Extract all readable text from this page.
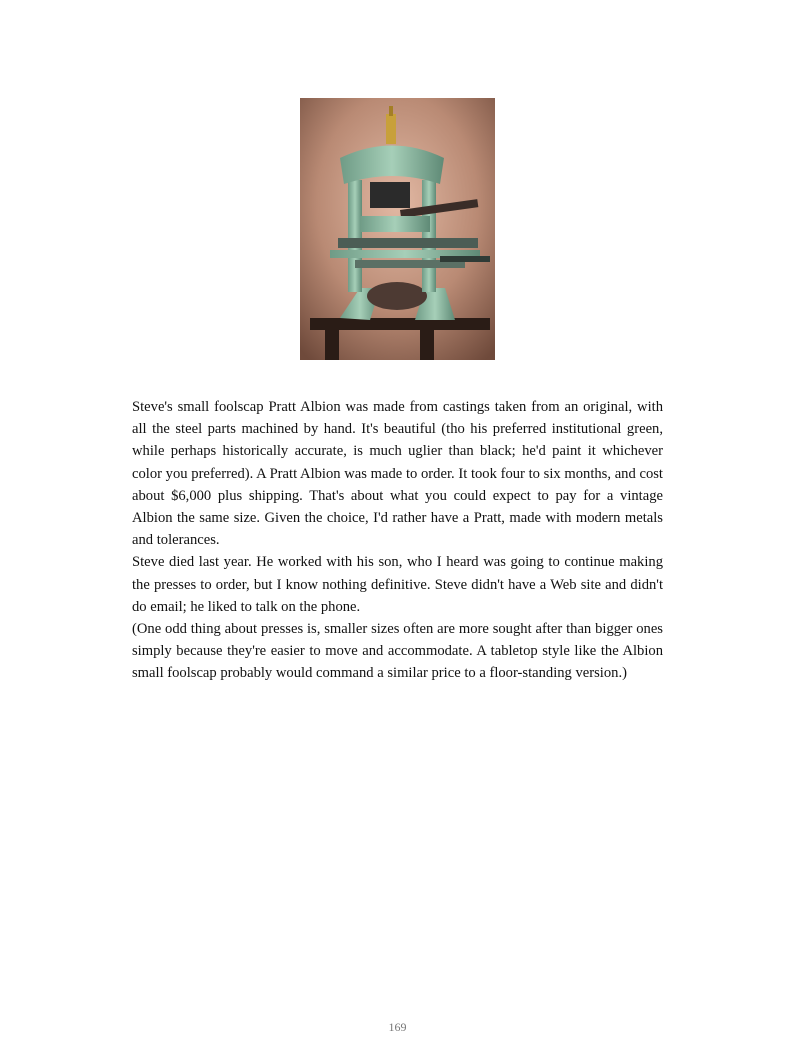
Steve's small foolscap Pratt Albion was made from castings taken from an original, with all the steel parts machined by hand. It's beautiful (tho his preferred institutional green, while perhaps historically accurate, is much uglier than black; he'd paint it whichever color you preferred). A Pratt Albion was made to order. It took four to six months, and cost about $6,000 plus shipping. That's about what you could expect to pay for a vintage Albion the same size. Given the choice, I'd rather have a Pratt, made with modern metals and tolerances.

Steve died last year. He worked with his son, who I heard was going to continue making the presses to order, but I know nothing definitive. Steve didn't have a Web site and didn't do email; he liked to talk on the phone.

(One odd thing about presses is, smaller sizes often are more sought after than bigger ones simply because they're easier to move and accommodate. A tabletop style like the Albion small foolscap probably would command a similar price to a floor-standing version.)

169
